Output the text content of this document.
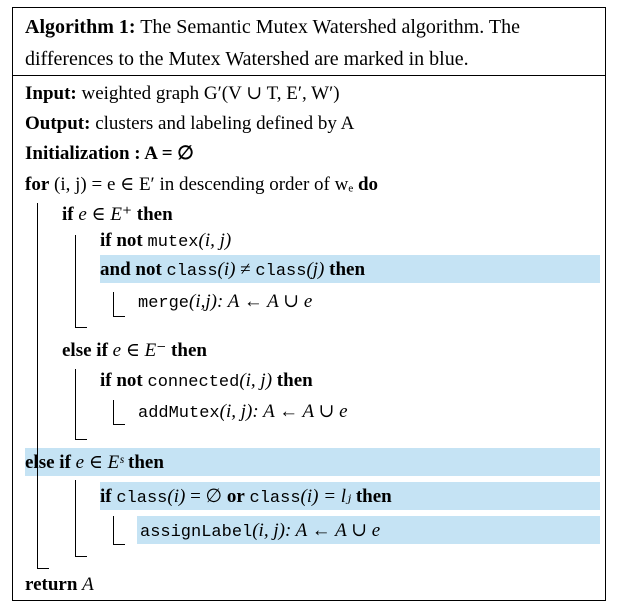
Algorithm 1: The Semantic Mutex Watershed algorithm. The
differences to the Mutex Watershed are marked in blue.
Input: weighted graph G′(V ∪ T, E′, W′)
Output: clusters and labeling defined by A
Initialization : A = ∅
for (i, j) = e ∈ E′ in descending order of wₑ do
if e ∈ E⁺ then
if not mutex(i, j)
and not class(i) ≠ class(j) then
merge(i,j): A ← A ∪ e
else if e ∈ E⁻ then
if not connected(i, j) then
addMutex(i, j): A ← A ∪ e
else if e ∈ Eˢ then
if class(i) = ∅ or class(i) = lⱼ then
assignLabel(i, j): A ← A ∪ e
return A
